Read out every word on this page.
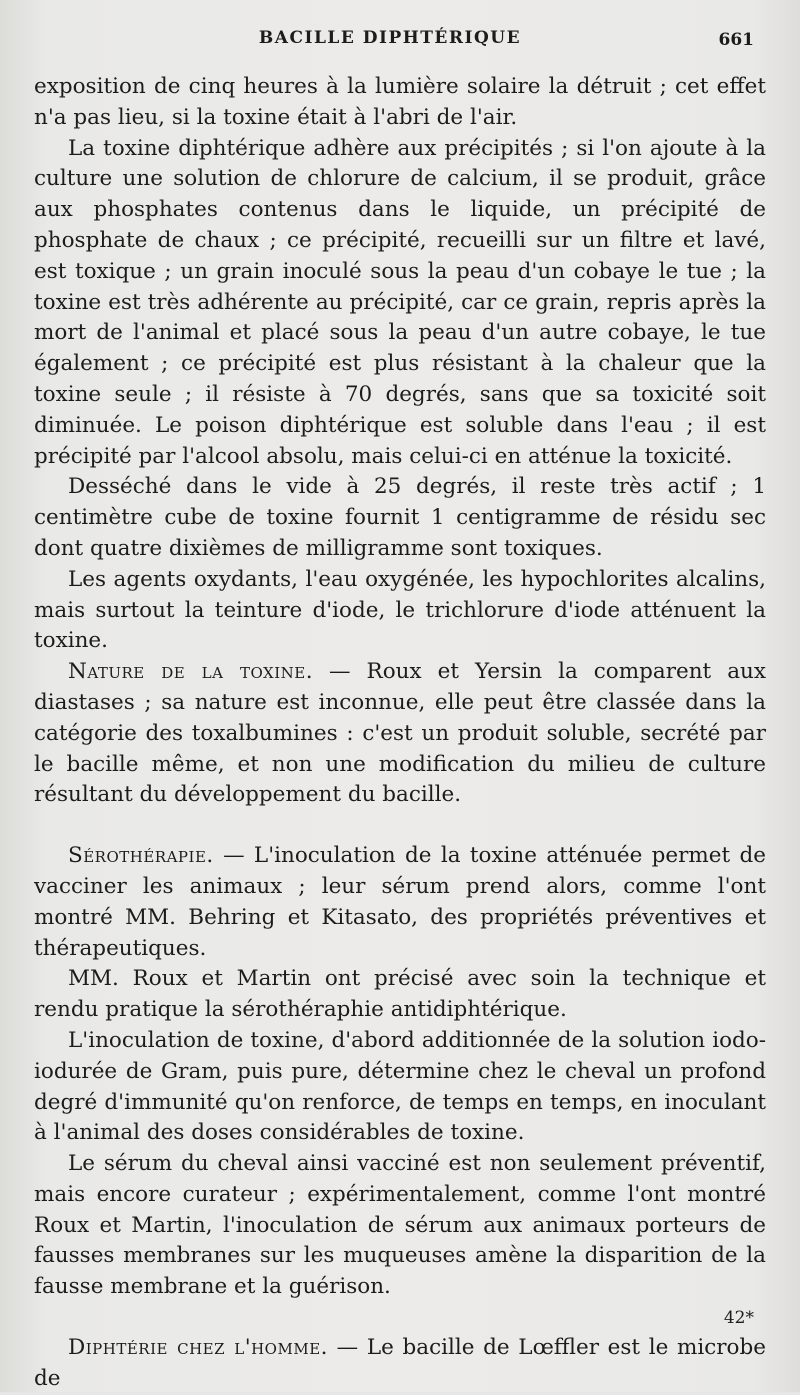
BACILLE DIPHTÉRIQUE	661

exposition de cinq heures à la lumière solaire la détruit ; cet effet n'a pas lieu, si la toxine était à l'abri de l'air.

La toxine diphtérique adhère aux précipités ; si l'on ajoute à la culture une solution de chlorure de calcium, il se produit, grâce aux phosphates contenus dans le liquide, un précipité de phosphate de chaux ; ce précipité, recueilli sur un filtre et lavé, est toxique ; un grain inoculé sous la peau d'un cobaye le tue ; la toxine est très adhérente au précipité, car ce grain, repris après la mort de l'animal et placé sous la peau d'un autre cobaye, le tue également ; ce précipité est plus résistant à la chaleur que la toxine seule ; il résiste à 70 degrés, sans que sa toxicité soit diminuée. Le poison diphtérique est soluble dans l'eau ; il est précipité par l'alcool absolu, mais celui-ci en atténue la toxicité.

Desséché dans le vide à 25 degrés, il reste très actif ; 1 centimètre cube de toxine fournit 1 centigramme de résidu sec dont quatre dixièmes de milligramme sont toxiques.

Les agents oxydants, l'eau oxygénée, les hypochlorites alcalins, mais surtout la teinture d'iode, le trichlorure d'iode atténuent la toxine.

Nature de la toxine. — Roux et Yersin la comparent aux diastases ; sa nature est inconnue, elle peut être classée dans la catégorie des toxalbumines : c'est un produit soluble, secrété par le bacille même, et non une modification du milieu de culture résultant du développement du bacille.

Sérothérapie. — L'inoculation de la toxine atténuée permet de vacciner les animaux ; leur sérum prend alors, comme l'ont montré MM. Behring et Kitasato, des propriétés préventives et thérapeutiques.

MM. Roux et Martin ont précisé avec soin la technique et rendu pratique la sérothéraphie antidiphtérique.

L'inoculation de toxine, d'abord additionnée de la solution iodo-iodurée de Gram, puis pure, détermine chez le cheval un profond degré d'immunité qu'on renforce, de temps en temps, en inoculant à l'animal des doses considérables de toxine.

Le sérum du cheval ainsi vacciné est non seulement préventif, mais encore curateur ; expérimentalement, comme l'ont montré Roux et Martin, l'inoculation de sérum aux animaux porteurs de fausses membranes sur les muqueuses amène la disparition de la fausse membrane et la guérison.

Diphtérie chez l'homme. — Le bacille de Lœffler est le microbe de

42*
